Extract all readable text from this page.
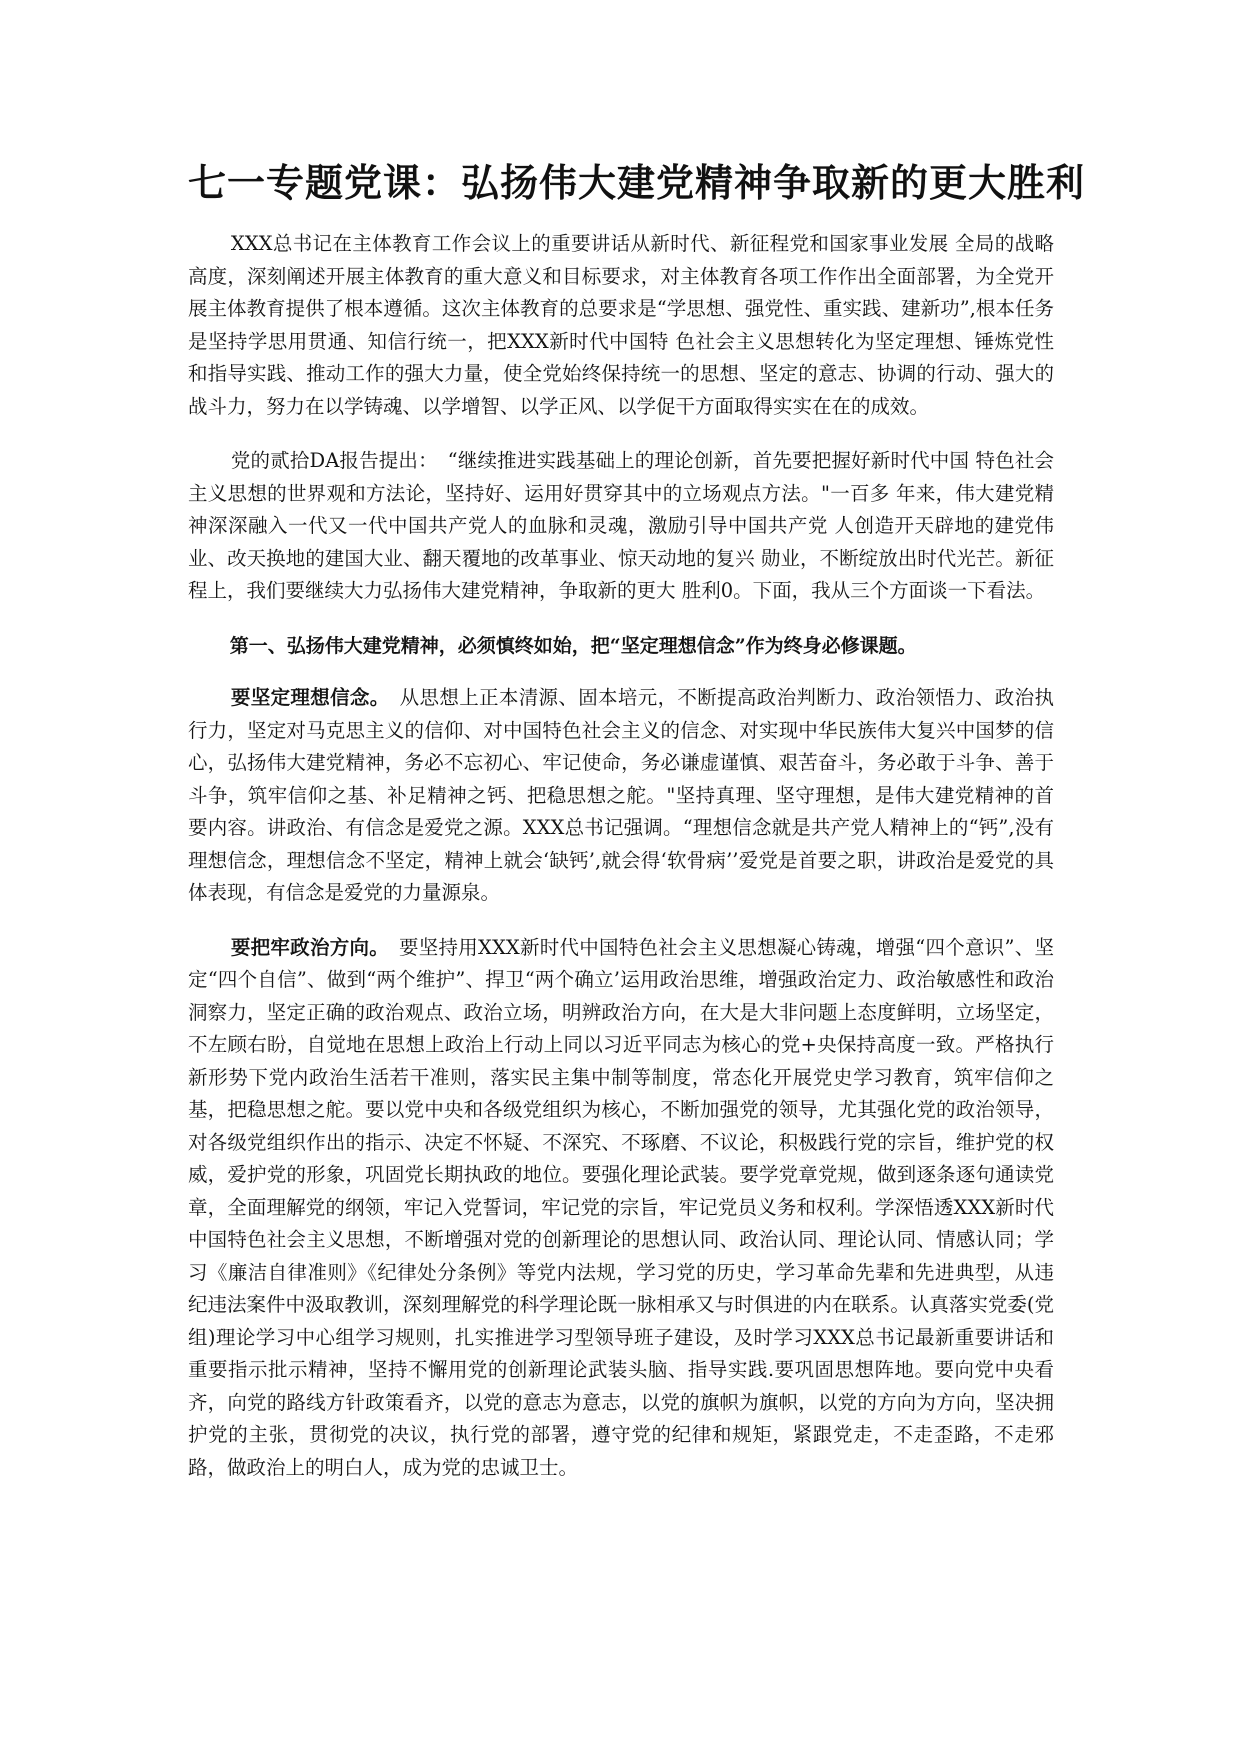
七一专题党课：弘扬伟大建党精神争取新的更大胜利

XXX总书记在主体教育工作会议上的重要讲话从新时代、新征程党和国家事业发展 全局的战略高度，深刻阐述开展主体教育的重大意义和目标要求，对主体教育各项工作作出全面部署，为全党开展主体教育提供了根本遵循。这次主体教育的总要求是“学思想、强党性、重实践、建新功”,根本任务是坚持学思用贯通、知信行统一，把XXX新时代中国特 色社会主义思想转化为坚定理想、锤炼党性和指导实践、推动工作的强大力量，使全党始终保持统一的思想、坚定的意志、协调的行动、强大的战斗力，努力在以学铸魂、以学增智、以学正风、以学促干方面取得实实在在的成效。

党的贰拾DA报告提出：　“继续推进实践基础上的理论创新，首先要把握好新时代中国 特色社会主义思想的世界观和方法论，坚持好、运用好贯穿其中的立场观点方法。"一百多 年来，伟大建党精神深深融入一代又一代中国共产党人的血脉和灵魂，激励引导中国共产党 人创造开天辟地的建党伟业、改天换地的建国大业、翻天覆地的改革事业、惊天动地的复兴 勋业，不断绽放出时代光芒。新征程上，我们要继续大力弘扬伟大建党精神，争取新的更大 胜利0。下面，我从三个方面谈一下看法。

第一、弘扬伟大建党精神，必须慎终如始，把“坚定理想信念”作为终身必修课题。

要坚定理想信念。　从思想上正本清源、固本培元，不断提高政治判断力、政治领悟力、政治执行力，坚定对马克思主义的信仰、对中国特色社会主义的信念、对实现中华民族伟大复兴中国梦的信心，弘扬伟大建党精神，务必不忘初心、牢记使命，务必谦虚谨慎、艰苦奋斗，务必敢于斗争、善于斗争，筑牢信仰之基、补足精神之钙、把稳思想之舵。"坚持真理、坚守理想，是伟大建党精神的首要内容。讲政治、有信念是爱党之源。XXX总书记强调。“理想信念就是共产党人精神上的“钙”,没有理想信念，理想信念不坚定，精神上就会‘缺钙’,就会得‘软骨病’’爱党是首要之职，讲政治是爱党的具体表现，有信念是爱党的力量源泉。

要把牢政治方向。　要坚持用XXX新时代中国特色社会主义思想凝心铸魂，增强“四个意识”、坚定“四个自信”、做到“两个维护”、捍卫“两个确立’运用政治思维，增强政治定力、政治敏感性和政治洞察力，坚定正确的政治观点、政治立场，明辨政治方向，在大是大非问题上态度鲜明，立场坚定，不左顾右盼，自觉地在思想上政治上行动上同以习近平同志为核心的党+央保持高度一致。严格执行新形势下党内政治生活若干准则，落实民主集中制等制度，常态化开展党史学习教育，筑牢信仰之基，把稳思想之舵。要以党中央和各级党组织为核心，不断加强党的领导，尤其强化党的政治领导，对各级党组织作出的指示、决定不怀疑、不深究、不琢磨、不议论，积极践行党的宗旨，维护党的权威，爱护党的形象，巩固党长期执政的地位。要强化理论武装。要学党章党规，做到逐条逐句通读党章，全面理解党的纲领，牢记入党誓词，牢记党的宗旨，牢记党员义务和权利。学深悟透XXX新时代中国特色社会主义思想，不断增强对党的创新理论的思想认同、政治认同、理论认同、情感认同；学习《廉洁自律准则》《纪律处分条例》等党内法规，学习党的历史，学习革命先辈和先进典型，从违纪违法案件中汲取教训，深刻理解党的科学理论既一脉相承又与时俱进的内在联系。认真落实党委(党组)理论学习中心组学习规则，扎实推进学习型领导班子建设，及时学习XXX总书记最新重要讲话和重要指示批示精神，坚持不懈用党的创新理论武装头脑、指导实践.要巩固思想阵地。要向党中央看齐，向党的路线方针政策看齐，以党的意志为意志，以党的旗帜为旗帜，以党的方向为方向，坚决拥护党的主张，贯彻党的决议，执行党的部署，遵守党的纪律和规矩，紧跟党走，不走歪路，不走邪路，做政治上的明白人，成为党的忠诚卫士。
